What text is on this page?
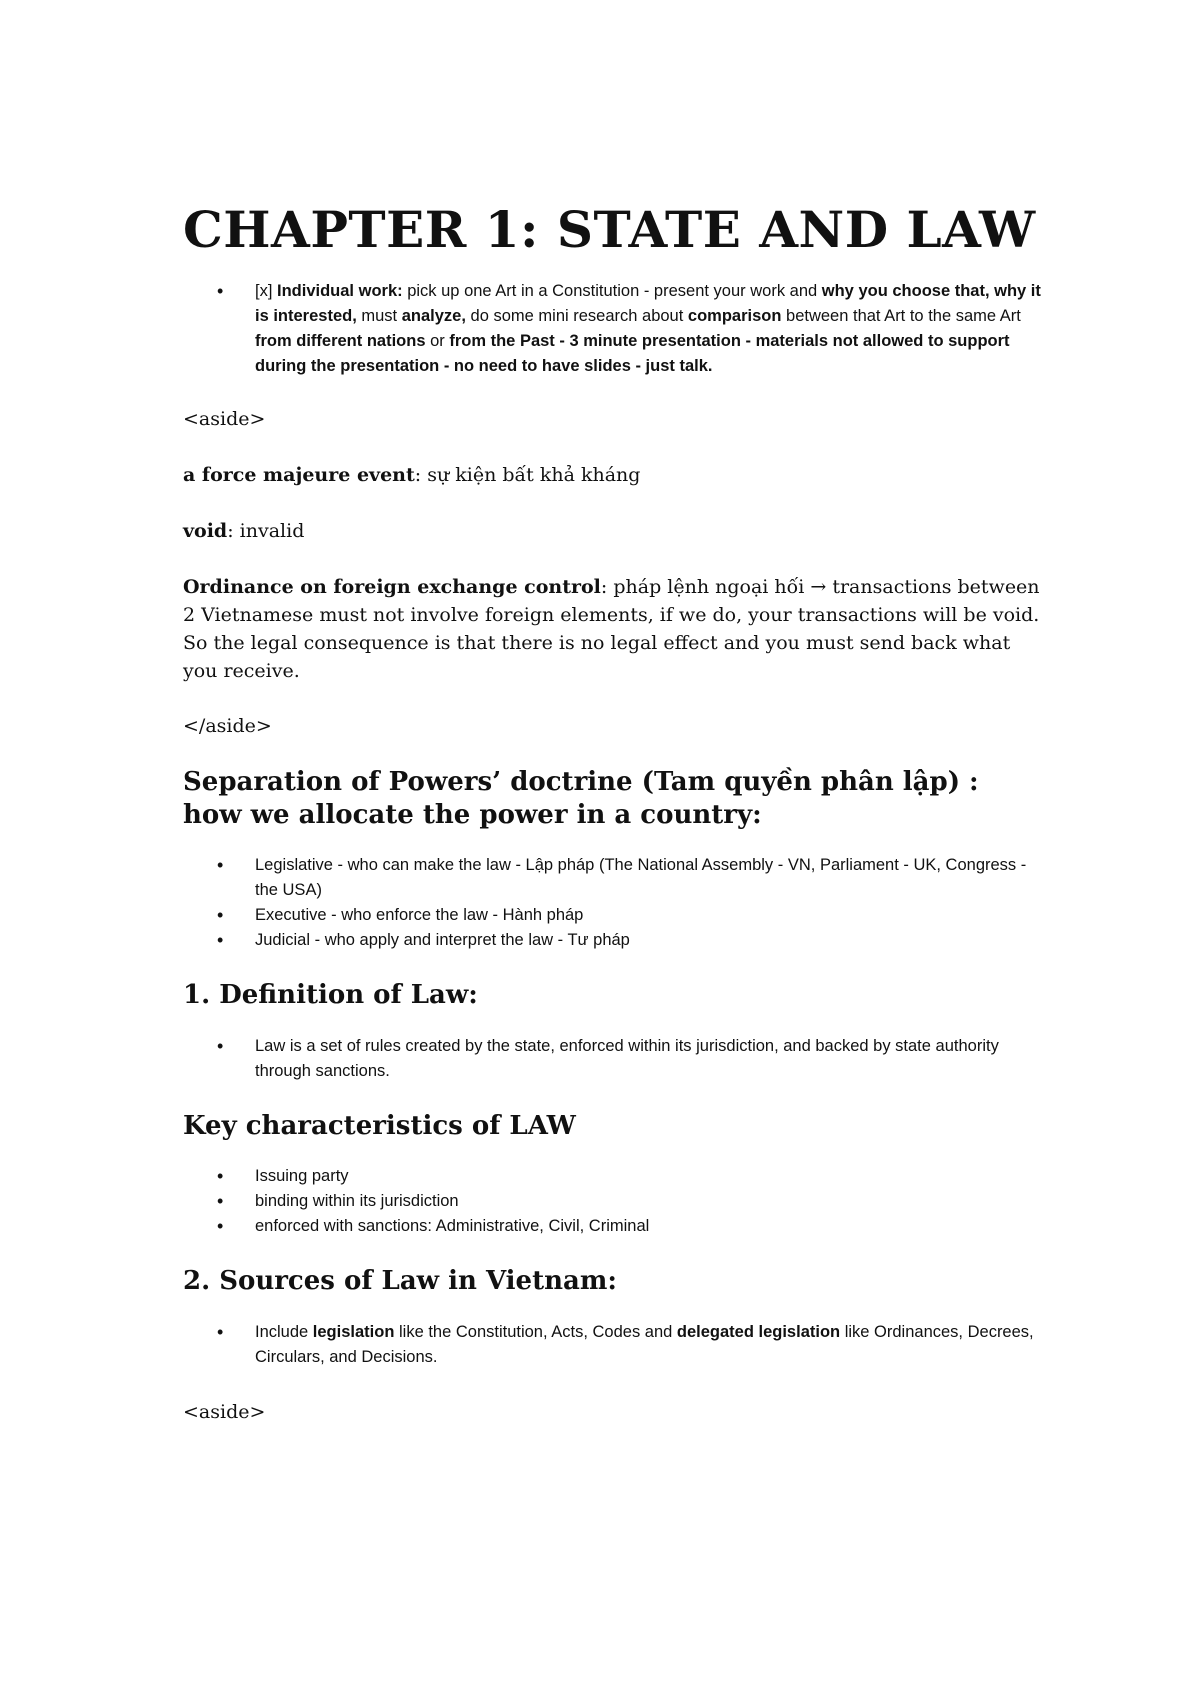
CHAPTER 1: STATE AND LAW
• [x] Individual work: pick up one Art in a Constitution - present your work and why you choose that, why it is interested, must analyze, do some mini research about comparison between that Art to the same Art from different nations or from the Past - 3 minute presentation - materials not allowed to support during the presentation - no need to have slides - just talk.

<aside>

a force majeure event: sự kiện bất khả kháng

void: invalid

Ordinance on foreign exchange control: pháp lệnh ngoại hối → transactions between 2 Vietnamese must not involve foreign elements, if we do, your transactions will be void. So the legal consequence is that there is no legal effect and you must send back what you receive.

</aside>

Separation of Powers’ doctrine (Tam quyền phân lập) : how we allocate the power in a country:
• Legislative - who can make the law - Lập pháp (The National Assembly - VN, Parliament - UK, Congress - the USA)
• Executive - who enforce the law - Hành pháp
• Judicial - who apply and interpret the law - Tư pháp
1. Definition of Law:
• Law is a set of rules created by the state, enforced within its jurisdiction, and backed by state authority through sanctions.
Key characteristics of LAW
• Issuing party
• binding within its jurisdiction
• enforced with sanctions: Administrative, Civil, Criminal
2. Sources of Law in Vietnam:
• Include legislation like the Constitution, Acts, Codes and delegated legislation like Ordinances, Decrees, Circulars, and Decisions.

<aside>
